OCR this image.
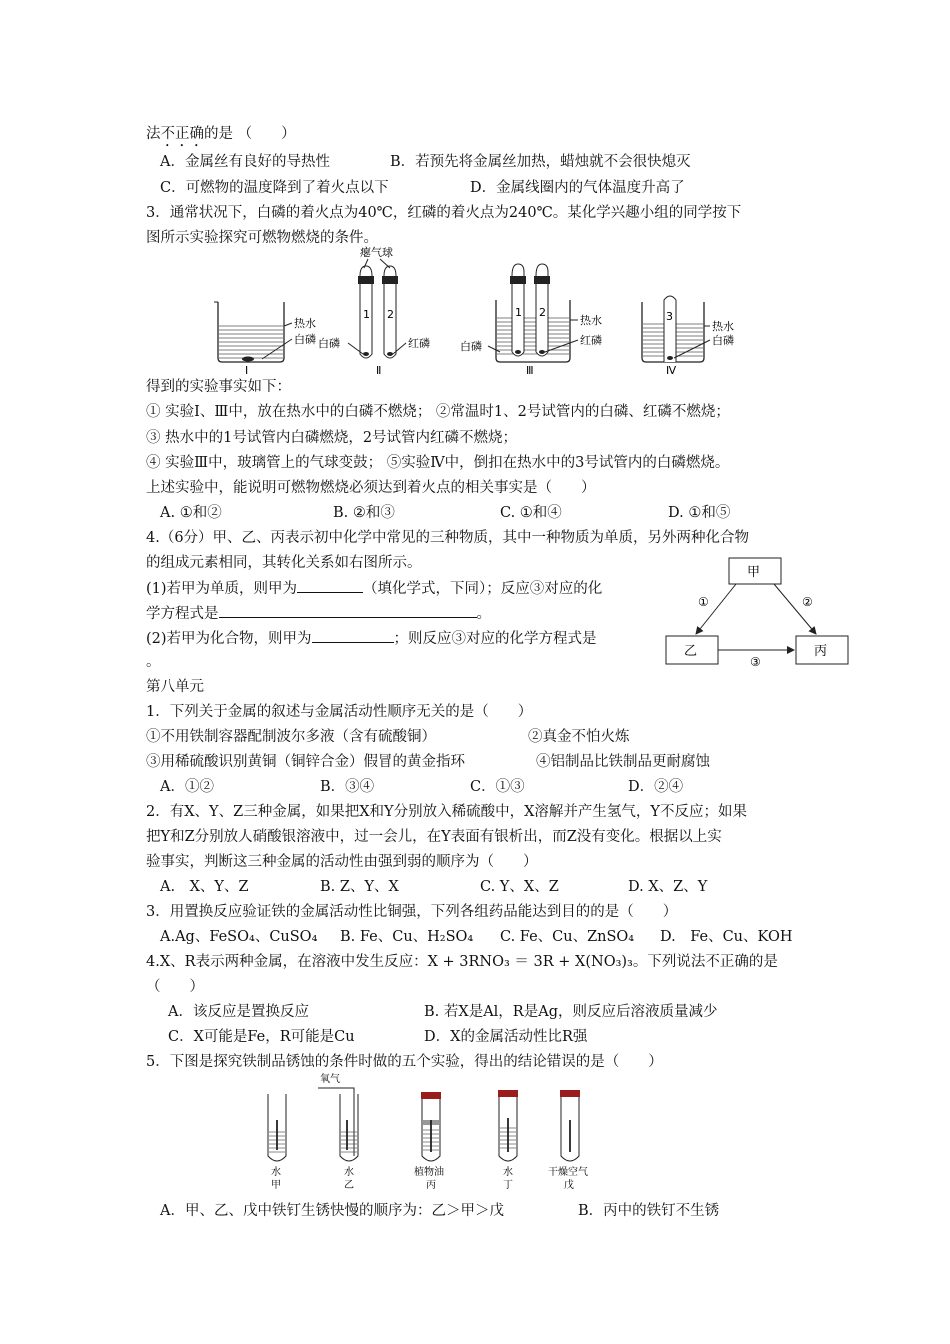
法不正确的是 （　　）
A．金属丝有良好的导热性	B．若预先将金属丝加热，蜡烛就不会很快熄灭
C．可燃物的温度降到了着火点以下	D．金属线圈内的气体温度升高了
3．通常状况下，白磷的着火点为40℃，红磷的着火点为240℃。某化学兴趣小组的同学按下
图所示实验探究可燃物燃烧的条件。
热水
白磷
Ⅰ
瘪气球
1 2
白磷	红磷
Ⅱ
1 2
白磷
热水
红磷
Ⅲ
3
热水
白磷
Ⅳ
得到的实验事实如下：
① 实验Ⅰ、Ⅲ中，放在热水中的白磷不燃烧； ②常温时1、2号试管内的白磷、红磷不燃烧；
③ 热水中的1号试管内白磷燃烧，2号试管内红磷不燃烧；
④ 实验Ⅲ中，玻璃管上的气球变鼓； ⑤实验Ⅳ中，倒扣在热水中的3号试管内的白磷燃烧。
上述实验中，能说明可燃物燃烧必须达到着火点的相关事实是（　　）
A. ①和②	B. ②和③	C. ①和④	D. ①和⑤
4.（6分）甲、乙、丙表示初中化学中常见的三种物质，其中一种物质为单质，另外两种化合物
的组成元素相同，其转化关系如右图所示。
(1)若甲为单质，则甲为	（填化学式，下同）；反应③对应的化
学方程式是	。
(2)若甲为化合物，则甲为	；则反应③对应的化学方程式是
。
甲
乙	丙
①	②
③
第八单元
1．下列关于金属的叙述与金属活动性顺序无关的是（　　）
①不用铁制容器配制波尔多液（含有硫酸铜）	②真金不怕火炼
③用稀硫酸识别黄铜（铜锌合金）假冒的黄金指环	④铝制品比铁制品更耐腐蚀
A．①②	B．③④	C．①③	D．②④
2．有X、Y、Z三种金属，如果把X和Y分别放入稀硫酸中，X溶解并产生氢气，Y不反应；如果
把Y和Z分别放人硝酸银溶液中，过一会儿，在Y表面有银析出，而Z没有变化。根据以上实
验事实，判断这三种金属的活动性由强到弱的顺序为（　　）
A.　X、Y、Z	B. Z、Y、X	C. Y、X、Z	D. X、Z、Y
3．用置换反应验证铁的金属活动性比铜强，下列各组药品能达到目的的是（　　）
A.Ag、FeSO₄、CuSO₄ B. Fe、Cu、H₂SO₄ C. Fe、Cu、ZnSO₄ D.　Fe、Cu、KOH
4.X、R表示两种金属，在溶液中发生反应：X + 3RNO₃ ＝ 3R + X(NO₃)₃。下列说法不正确的是
（　　）
A．该反应是置换反应	B. 若X是Al，R是Ag，则反应后溶液质量减少
C．X可能是Fe，R可能是Cu	D．X的金属活动性比R强
5．下图是探究铁制品锈蚀的条件时做的五个实验，得出的结论错误的是（　　）
水
甲
氧气
水
乙
植物油
丙
水
丁
干燥空气
戊
A．甲、乙、戊中铁钉生锈快慢的顺序为：乙＞甲＞戊	B．丙中的铁钉不生锈
